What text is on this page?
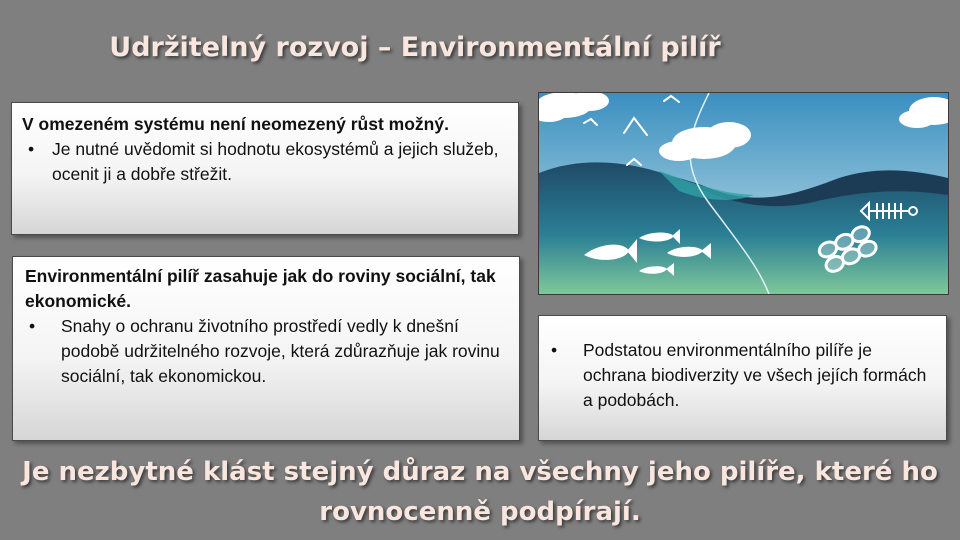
Udržitelný rozvoj – Environmentální pilíř
V omezeném systému není neomezený růst možný.
• Je nutné uvědomit si hodnotu ekosystémů a jejich služeb, ocenit ji a dobře střežit.
Environmentální pilíř zasahuje jak do roviny sociální, tak ekonomické.
• Snahy o ochranu životního prostředí vedly k dnešní podobě udržitelného rozvoje, která zdůrazňuje jak rovinu sociální, tak ekonomickou.
• Podstatou environmentálního pilíře je ochrana biodiverzity ve všech jejích formách a podobách.
Je nezbytné klást stejný důraz na všechny jeho pilíře, které ho
rovnocenně podpírají.
